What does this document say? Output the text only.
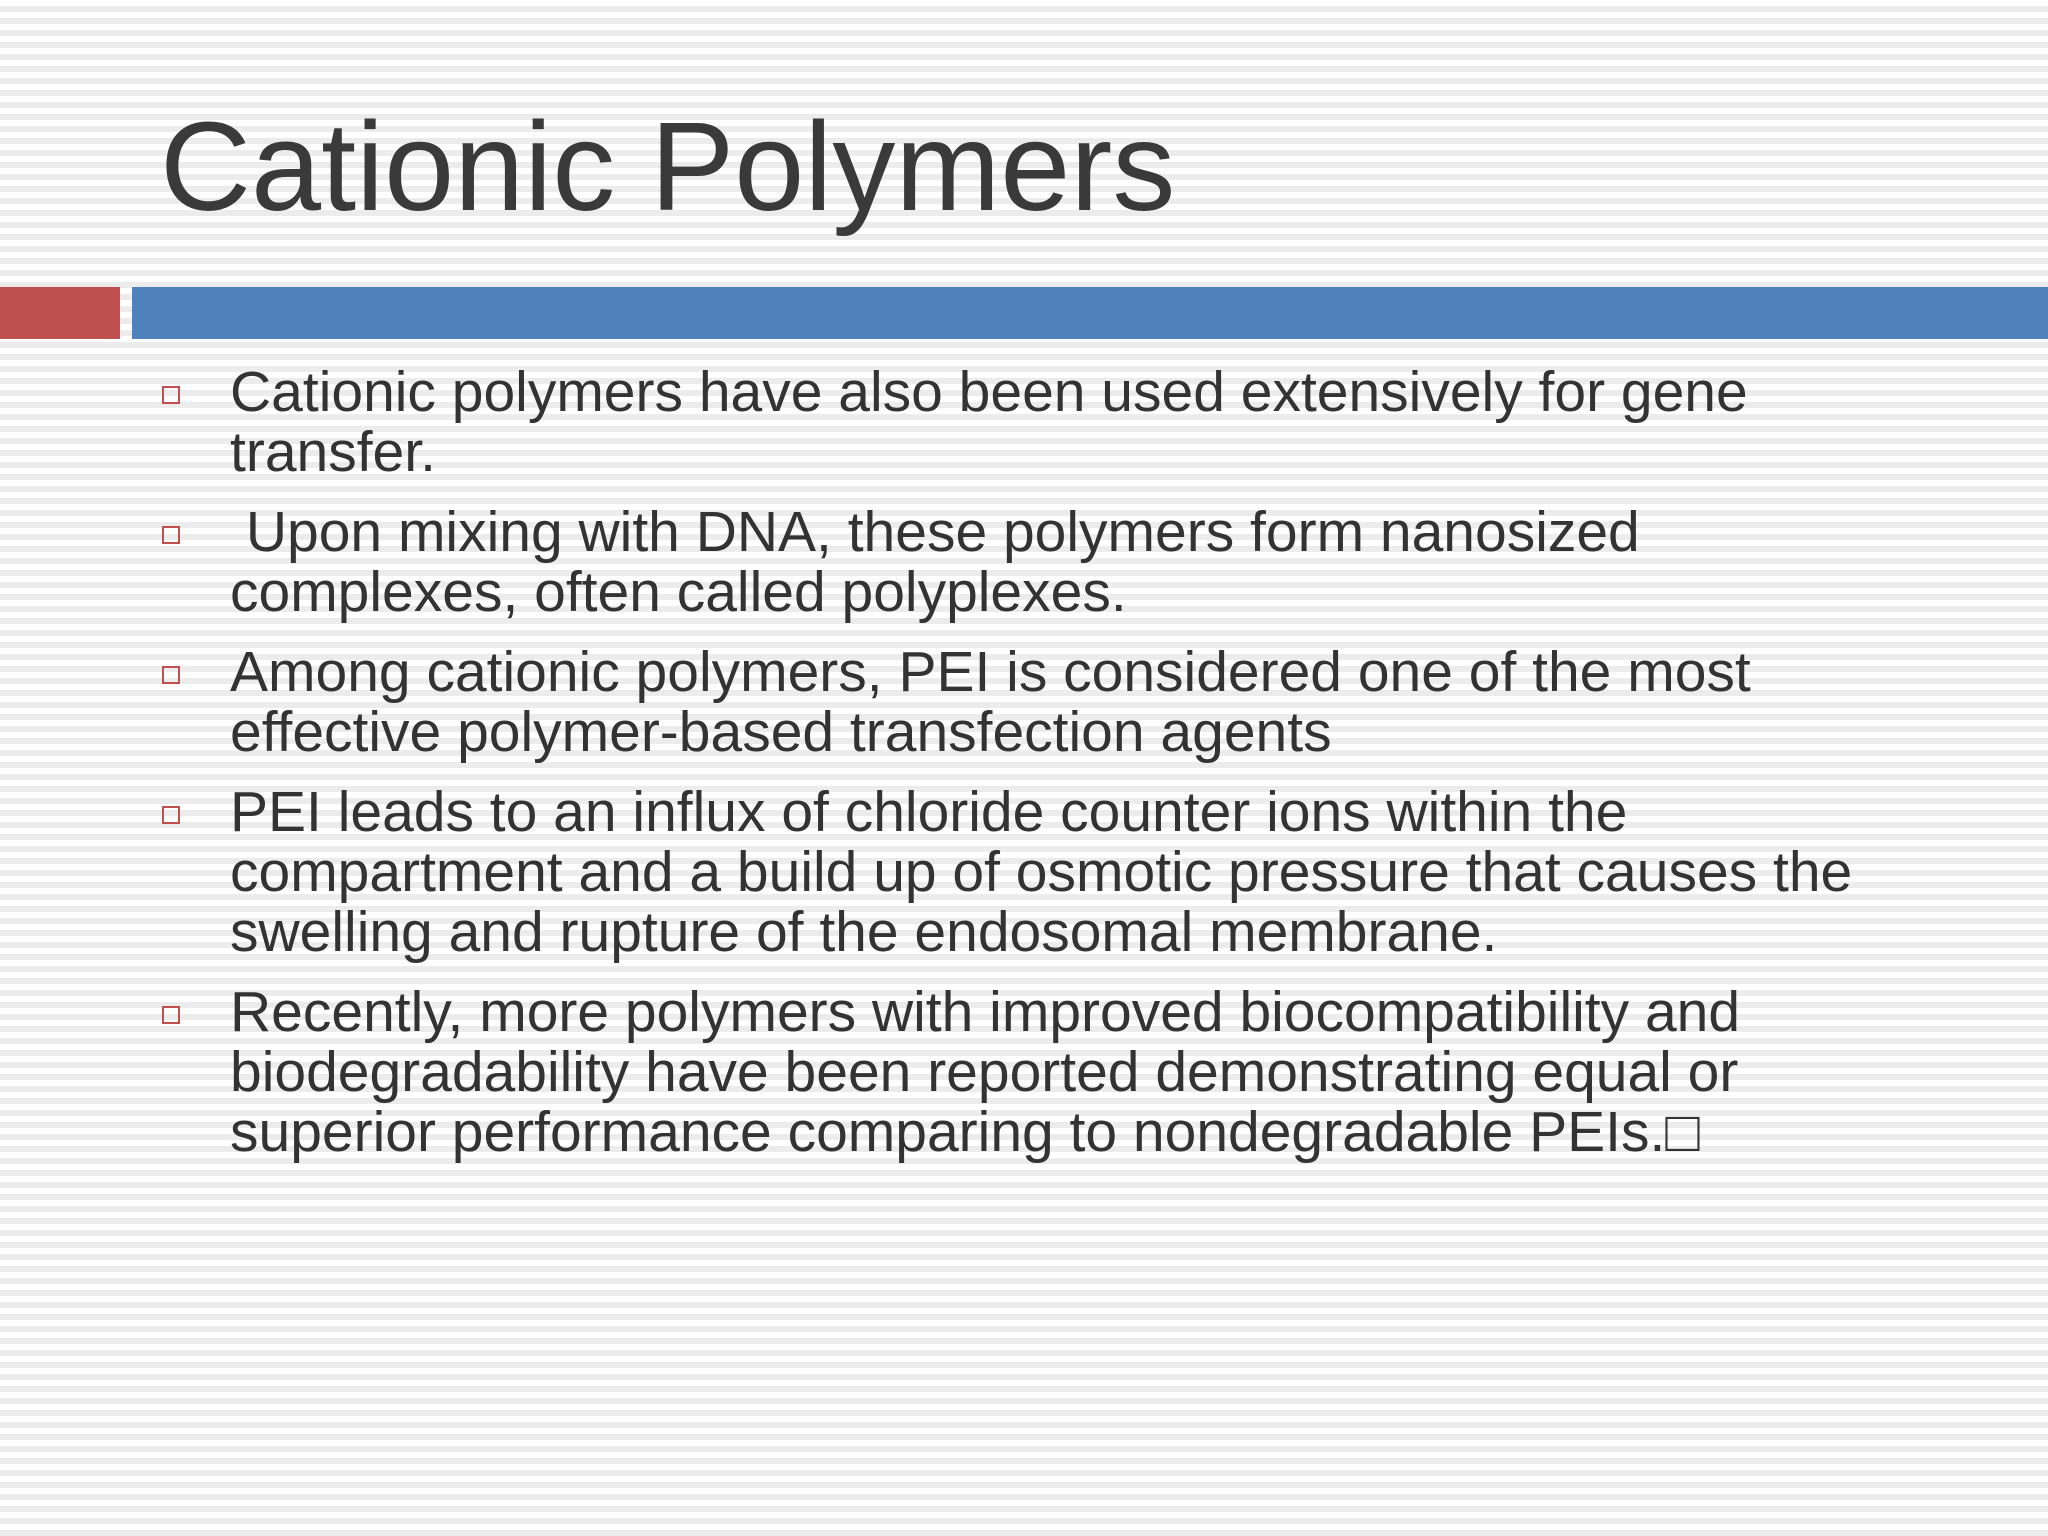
Cationic Polymers
Cationic polymers have also been used extensively for gene transfer.
Upon mixing with DNA, these polymers form nanosized complexes, often called polyplexes.
Among cationic polymers, PEI is considered one of the most effective polymer-based transfection agents
PEI leads to an influx of chloride counter ions within the compartment and a build up of osmotic pressure that causes the swelling and rupture of the endosomal membrane.
Recently, more polymers with improved biocompatibility and biodegradability have been reported demonstrating equal or superior performance comparing to nondegradable PEIs.□
